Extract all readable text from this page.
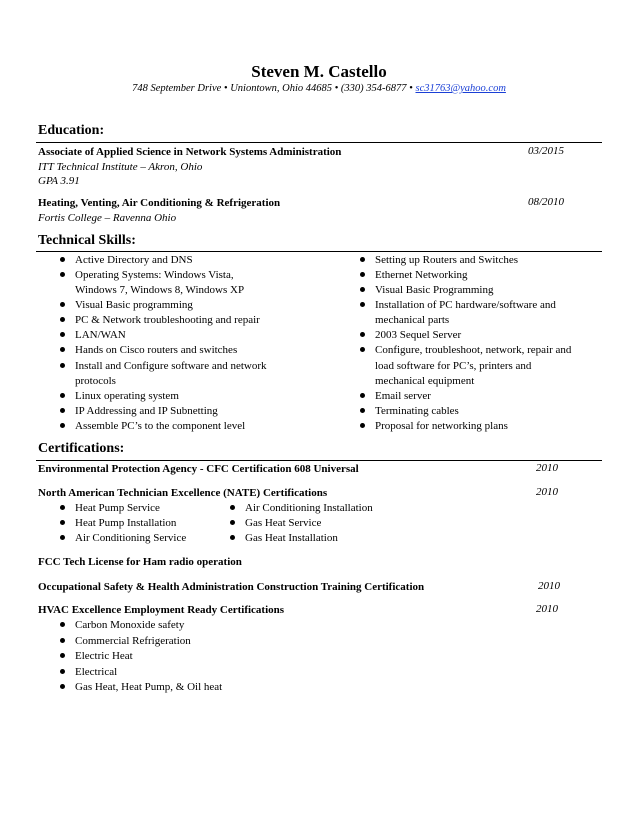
Steven M. Castello
748 September Drive • Uniontown, Ohio 44685 • (330) 354-6877 • sc31763@yahoo.com
Education:
Associate of Applied Science in Network Systems Administration	03/2015
ITT Technical Institute – Akron, Ohio
GPA 3.91
Heating, Venting, Air Conditioning & Refrigeration	08/2010
Fortis College – Ravenna Ohio
Technical Skills:
Active Directory and DNS
Operating Systems: Windows Vista,
Windows 7, Windows 8, Windows XP
Visual Basic programming
PC & Network troubleshooting and repair
LAN/WAN
Hands on Cisco routers and switches
Install and Configure software and network
protocols
Linux operating system
IP Addressing and IP Subnetting
Assemble PC’s to the component level
Setting up Routers and Switches
Ethernet Networking
Visual Basic Programming
Installation of PC hardware/software and
mechanical parts
2003 Sequel Server
Configure, troubleshoot, network, repair and
load software for PC’s, printers and
mechanical equipment
Email server
Terminating cables
Proposal for networking plans
Certifications:
Environmental Protection Agency - CFC Certification 608 Universal	2010
North American Technician Excellence (NATE) Certifications	2010
Heat Pump Service
Heat Pump Installation
Air Conditioning Service
Air Conditioning Installation
Gas Heat Service
Gas Heat Installation
FCC Tech License for Ham radio operation
Occupational Safety & Health Administration Construction Training Certification	2010
HVAC Excellence Employment Ready Certifications	2010
Carbon Monoxide safety
Commercial Refrigeration
Electric Heat
Electrical
Gas Heat, Heat Pump, & Oil heat
